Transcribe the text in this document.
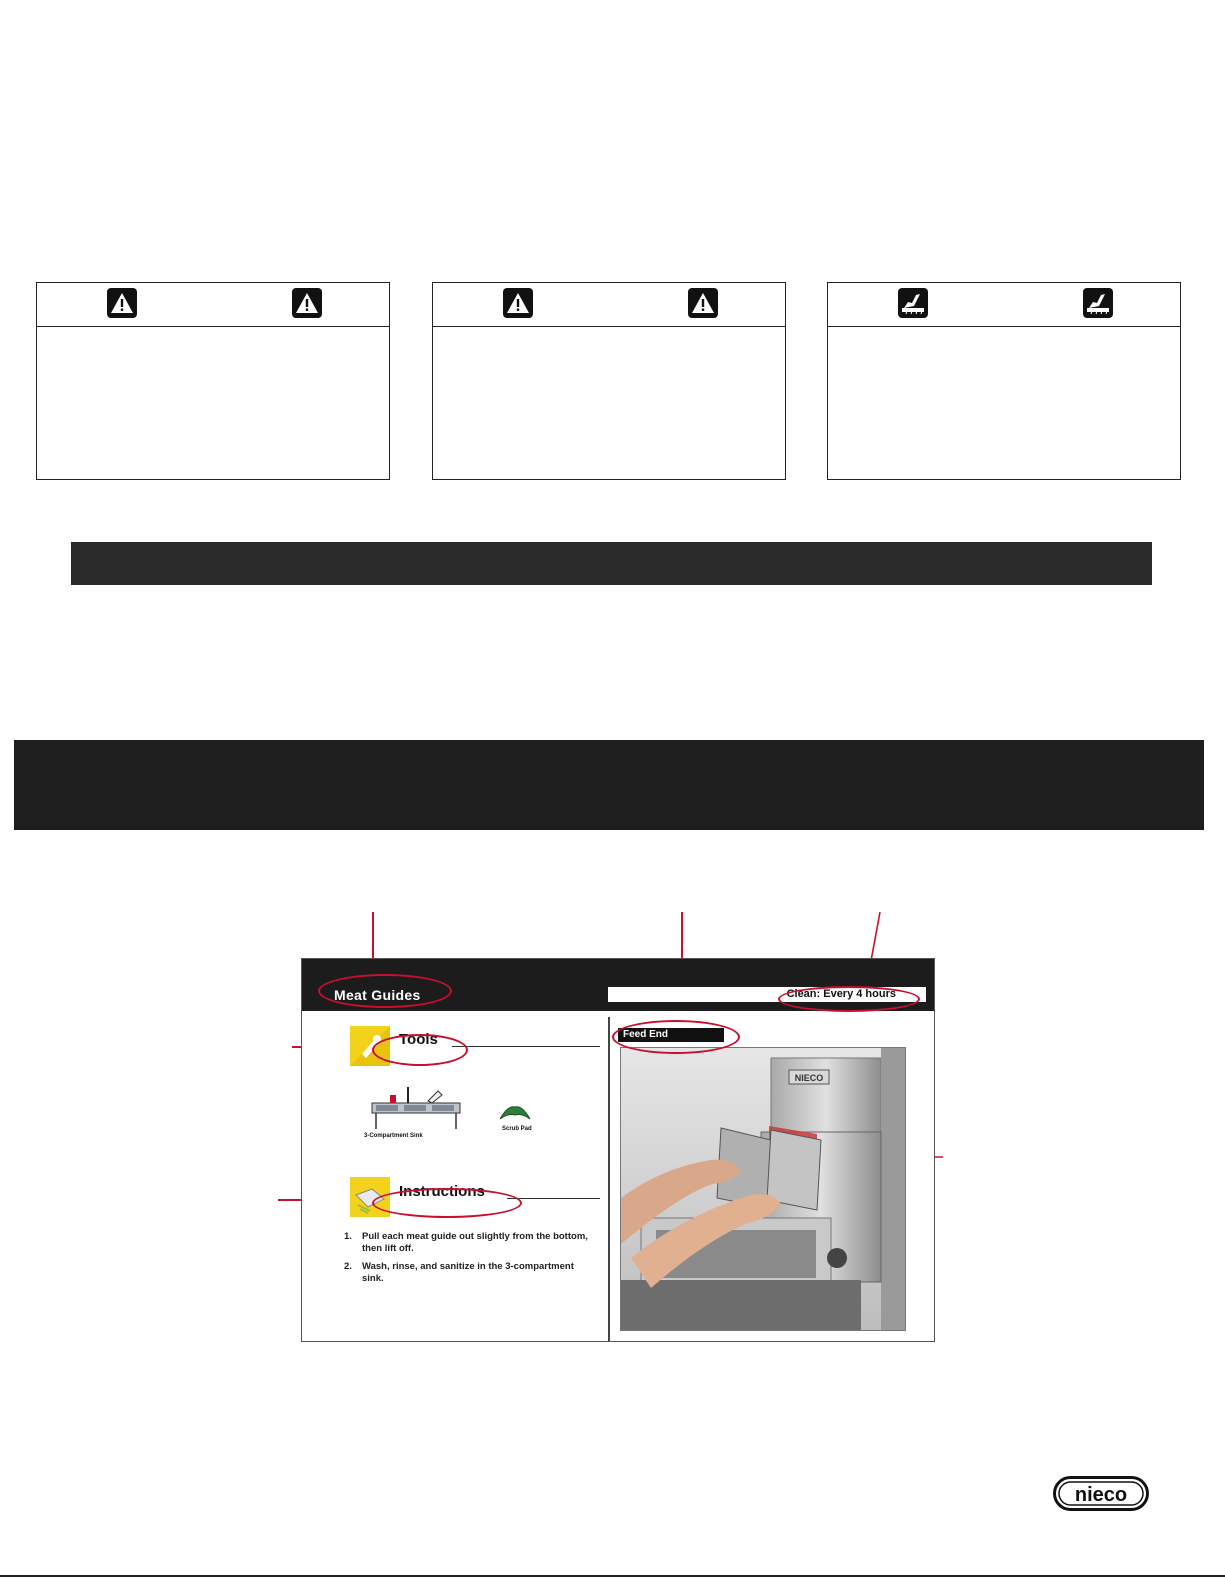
Meat Guides	Clean: Every 4 hours
Tools
3-Compartment Sink
Scrub Pad
Instructions
1. Pull each meat guide out slightly from the bottom, then lift off.
2. Wash, rinse, and sanitize in the 3-compartment sink.
Feed End
NIECO
nieco
